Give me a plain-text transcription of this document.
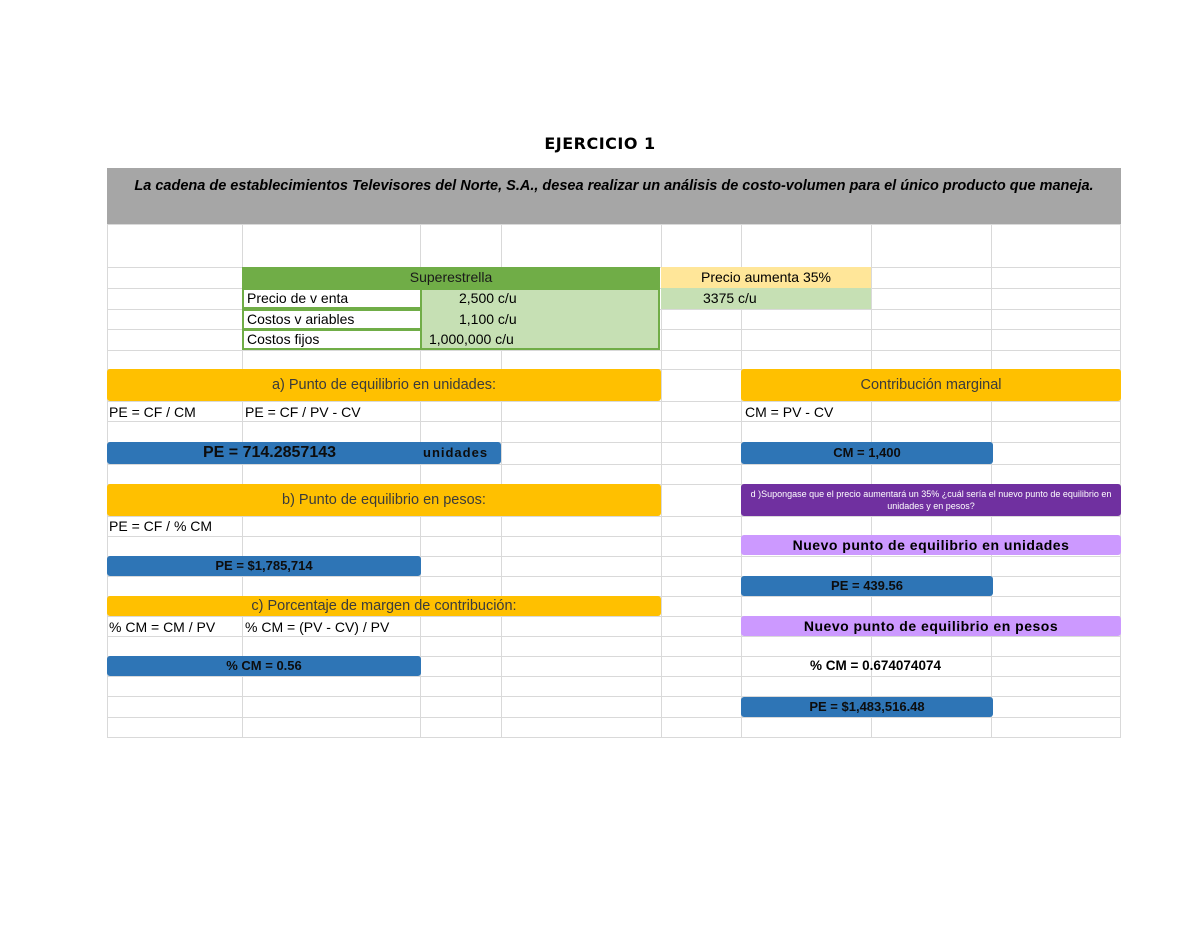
EJERCICIO 1
La cadena de establecimientos Televisores del Norte, S.A., desea realizar un análisis de costo-volumen para el único producto que maneja.
Superestrella
Precio de v enta
Costos v ariables
Costos fijos
2,500 c/u
1,100 c/u
1,000,000 c/u
Precio aumenta 35%
3375 c/u
a) Punto de equilibrio en unidades:
PE = CF / CM	PE = CF / PV - CV
PE = 714.2857143	unidades
Contribución marginal
CM = PV - CV
CM = 1,400
b) Punto de equilibrio en pesos:
PE = CF / % CM
PE = $1,785,714
d )Supongase que el precio aumentará un 35% ¿cuál sería el nuevo punto de equilibrio en unidades y en pesos?
Nuevo punto de equilibrio en unidades
PE = 439.56
Nuevo punto de equilibrio en pesos
% CM = 0.674074074
PE = $1,483,516.48
c) Porcentaje de margen de contribución:
% CM = CM / PV % CM = (PV - CV) / PV
% CM = 0.56
